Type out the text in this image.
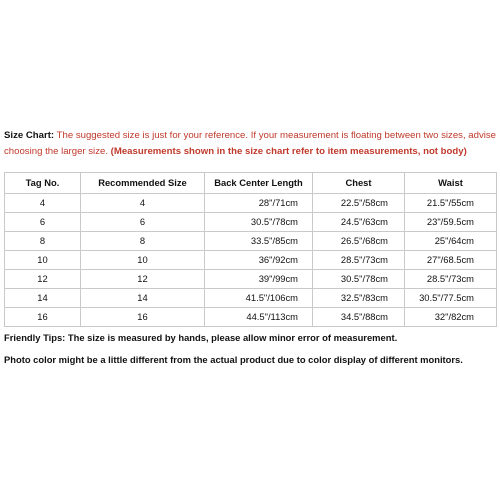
Size Chart: The suggested size is just for your reference. If your measurement is floating between two sizes, advise choosing the larger size. (Measurements shown in the size chart refer to item measurements, not body)
Tag No.	Recommended Size	Back Center Length	Chest	Waist
4	4	28"/71cm	22.5"/58cm	21.5"/55cm
6	6	30.5"/78cm	24.5"/63cm	23"/59.5cm
8	8	33.5"/85cm	26.5"/68cm	25"/64cm
10	10	36"/92cm	28.5"/73cm	27"/68.5cm
12	12	39"/99cm	30.5"/78cm	28.5"/73cm
14	14	41.5"/106cm	32.5"/83cm	30.5"/77.5cm
16	16	44.5"/113cm	34.5"/88cm	32"/82cm

Friendly Tips: The size is measured by hands, please allow minor error of measurement.

Photo color might be a little different from the actual product due to color display of different monitors.
